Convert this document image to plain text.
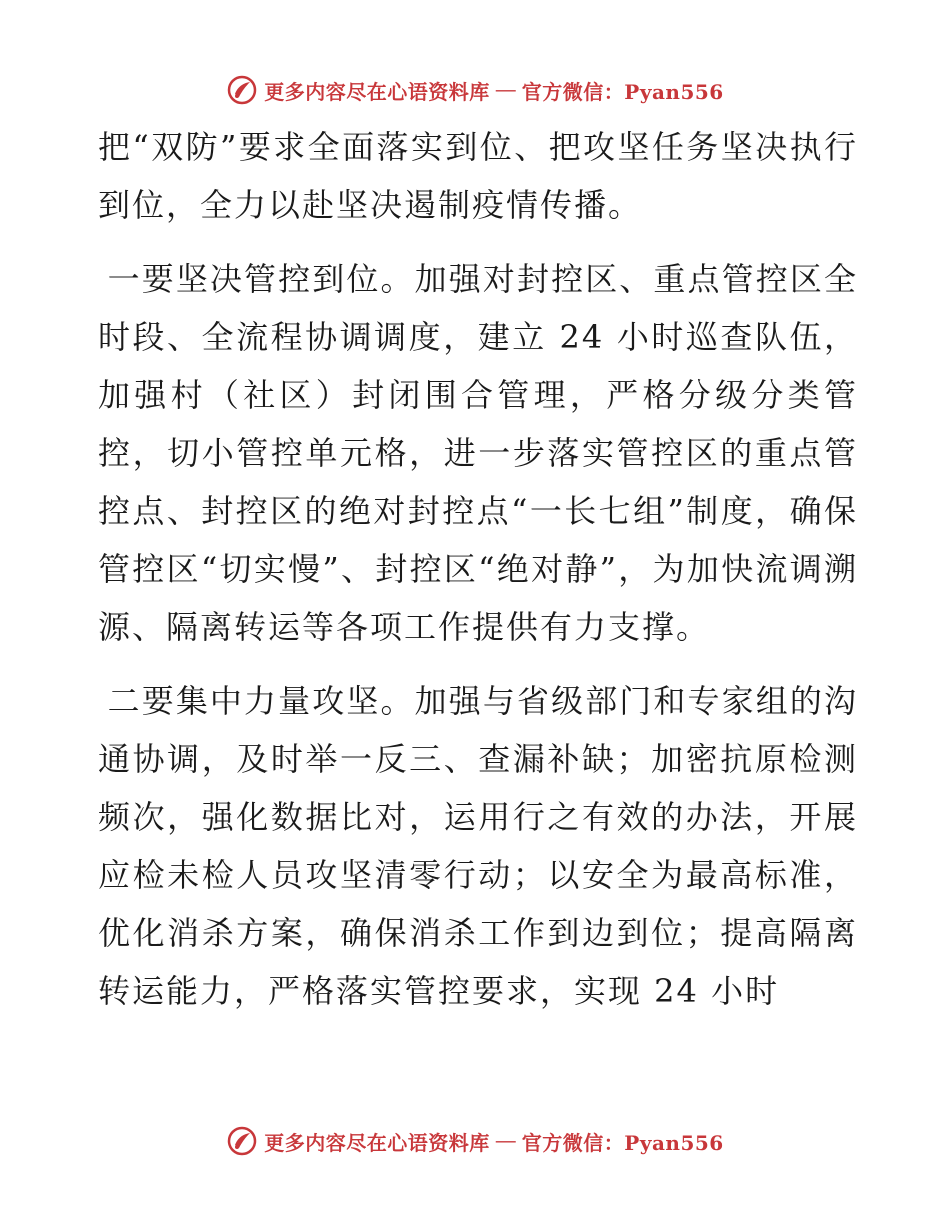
更多内容尽在心语资料库 — 官方微信：Pyan556

把“双防”要求全面落实到位、把攻坚任务坚决执行到位，全力以赴坚决遏制疫情传播。

一要坚决管控到位。加强对封控区、重点管控区全时段、全流程协调调度，建立 24 小时巡查队伍，加强村（社区）封闭围合管理，严格分级分类管控，切小管控单元格，进一步落实管控区的重点管控点、封控区的绝对封控点“一长七组”制度，确保管控区“切实慢”、封控区“绝对静”，为加快流调溯源、隔离转运等各项工作提供有力支撑。

二要集中力量攻坚。加强与省级部门和专家组的沟通协调，及时举一反三、查漏补缺；加密抗原检测频次，强化数据比对，运用行之有效的办法，开展应检未检人员攻坚清零行动；以安全为最高标准，优化消杀方案，确保消杀工作到边到位；提高隔离转运能力，严格落实管控要求，实现 24 小时

更多内容尽在心语资料库 — 官方微信：Pyan556
